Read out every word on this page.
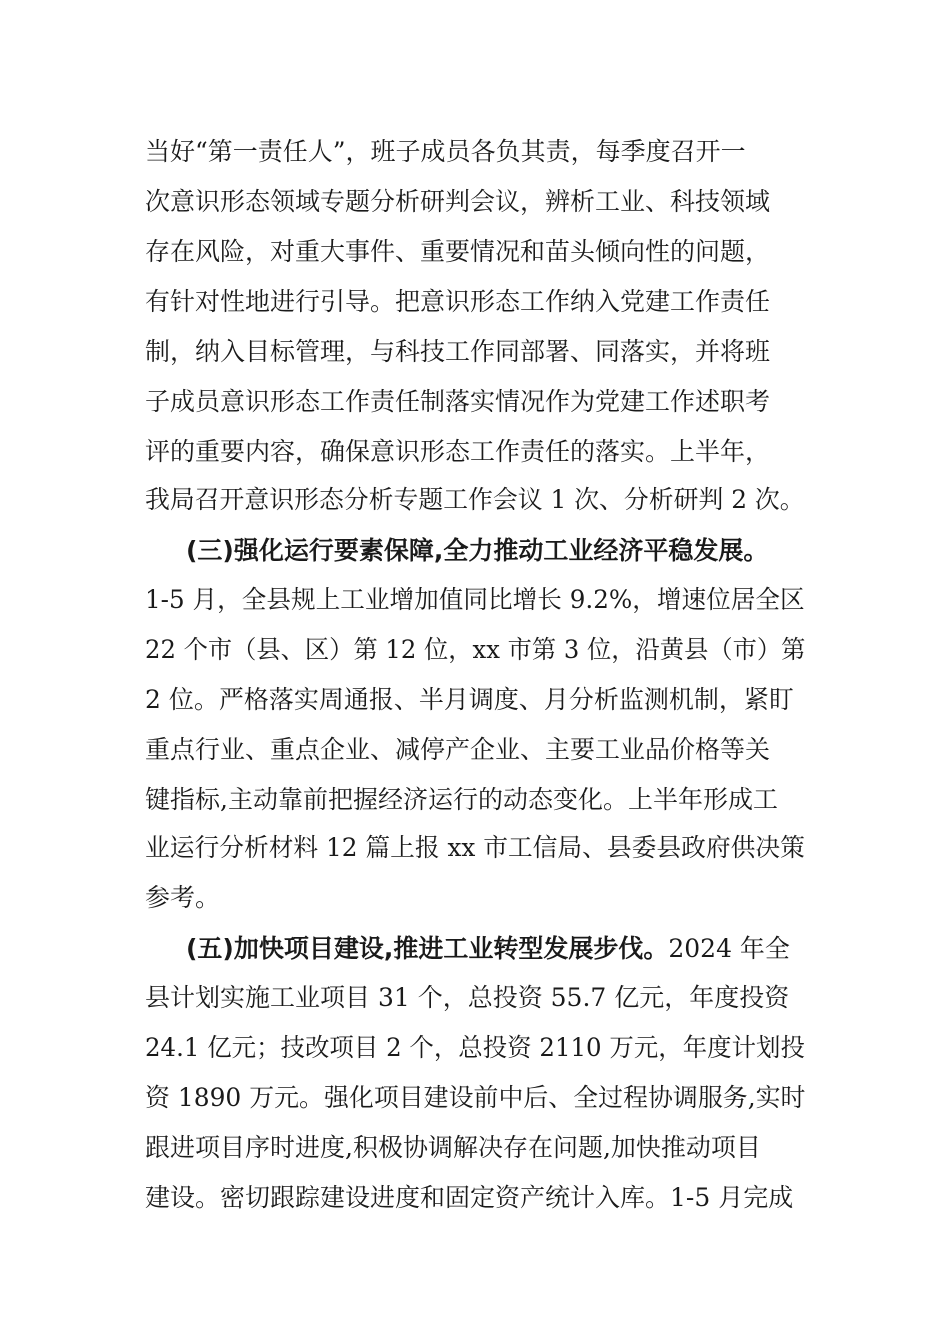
当好“第一责任人”，班子成员各负其责，每季度召开一
次意识形态领域专题分析研判会议，辨析工业、科技领域
存在风险，对重大事件、重要情况和苗头倾向性的问题，
有针对性地进行引导。把意识形态工作纳入党建工作责任
制，纳入目标管理，与科技工作同部署、同落实，并将班
子成员意识形态工作责任制落实情况作为党建工作述职考
评的重要内容，确保意识形态工作责任的落实。上半年，
我局召开意识形态分析专题工作会议 1 次、分析研判 2 次。
(三)强化运行要素保障,全力推动工业经济平稳发展。
1-5 月，全县规上工业增加值同比增长 9.2%，增速位居全区
22 个市（县、区）第 12 位，xx 市第 3 位，沿黄县（市）第
2 位。严格落实周通报、半月调度、月分析监测机制，紧盯
重点行业、重点企业、减停产企业、主要工业品价格等关
键指标,主动靠前把握经济运行的动态变化。上半年形成工
业运行分析材料 12 篇上报 xx 市工信局、县委县政府供决策
参考。
(五)加快项目建设,推进工业转型发展步伐。2024 年全
县计划实施工业项目 31 个，总投资 55.7 亿元，年度投资
24.1 亿元；技改项目 2 个，总投资 2110 万元，年度计划投
资 1890 万元。强化项目建设前中后、全过程协调服务,实时
跟进项目序时进度,积极协调解决存在问题,加快推动项目
建设。密切跟踪建设进度和固定资产统计入库。1-5 月完成
